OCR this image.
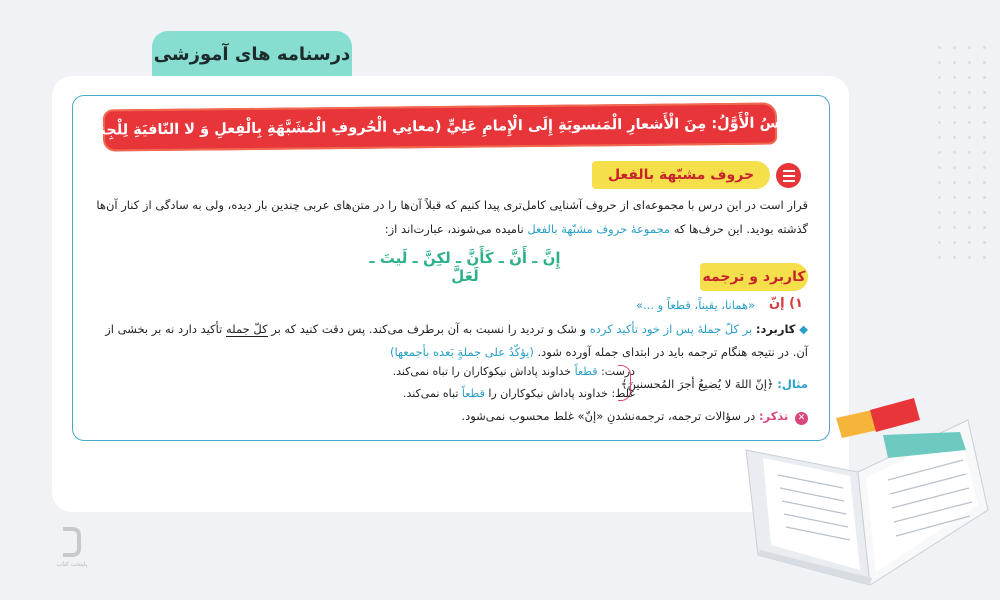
درسنامه های آموزشی
اَلدَّرسُ الْأَوَّلُ: مِنَ الْأَشعارِ الْمَنسوبَةِ إِلَى الْإِمامِ عَلِيٍّ (معانِي الْحُروفِ الْمُشَبَّهَةِ بِالْفِعلِ وَ لا النّافيَةِ لِلْجِنسِ)
حروف مشبّهة بالفعل
قرار است در این درس با مجموعه‌ای از حروف آشنایی کامل‌تری پیدا کنیم که قبلاً آن‌ها را در متن‌های عربی چندین بار دیده، ولی به سادگی از کنار آن‌ها
گذشته بودید. این حرف‌ها که مجموعهٔ حروف مشبّهة بالفعل نامیده می‌شوند، عبارت‌اند از:
إِنَّ ـ أَنَّ ـ كَأَنَّ ـ لكِنَّ ـ لَيتَ ـ لَعَلَّ	کاربرد و ترجمه
۱) إنّ
«همانا، یقیناً، قطعاً و ...»
◆ کاربرد: بر کلّ جملهٔ پس از خود تأکید کرده و شک و تردید را نسبت به آن برطرف می‌کند. پس دقت کنید که بر کلّ جمله تأکید دارد نه بر بخشی از
آن. در نتیجه هنگام ترجمه باید در ابتدای جمله آورده شود. (یؤکّدُ علی جملةٍ بَعده بأجمعها)
مثال: ﴿إنّ اللهَ لا یُضیعُ أجرَ المُحسنینَ﴾
درست: قطعاً خداوند پاداش نیکوکاران را تباه نمی‌کند.
غلط: خداوند پاداش نیکوکاران را قطعاً تباه نمی‌کند.
✕ تذکر: در سؤالات ترجمه، ترجمه‌نشدنِ «إنّ» غلط محسوب نمی‌شود.
پایتخت کتاب
